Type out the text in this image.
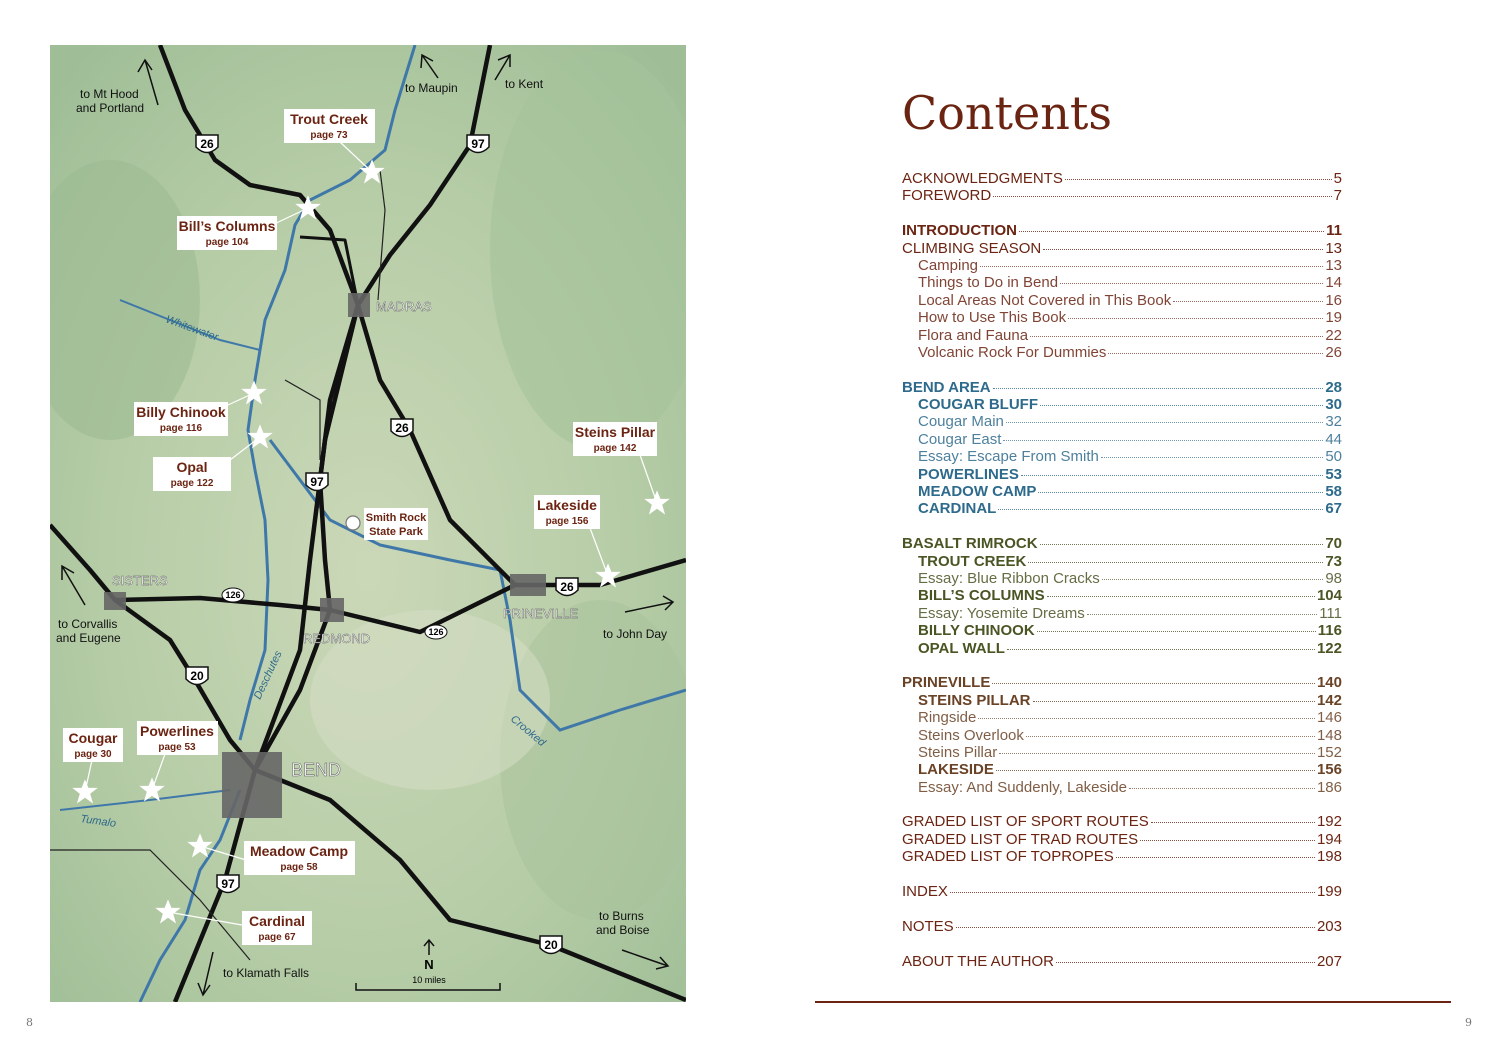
MADRAS
SISTERS
REDMOND
PRINEVILLE
BEND
Whitewater
Deschutes
Crooked
Tumalo
26	97
26
97
26
126
126
20
97
20
Trout Creek
page 73
Bill’s Columns
page 104
Billy Chinook
page 116
Opal
page 122
Steins Pillar
page 142
Lakeside
page 156
Cougar
page 30
Powerlines
page 53
Meadow Camp
page 58
Cardinal
page 67
Smith Rock
State Park
to Mt Hood
and Portland
to Maupin	to Kent
to Corvallis
and Eugene	to John Day
to Burns
and Boise
to Klamath Falls
N
10 miles
8	9
Contents
ACKNOWLEDGMENTS	5
FOREWORD	7
INTRODUCTION	11
CLIMBING SEASON	13
Camping	13
Things to Do in Bend	14
Local Areas Not Covered in This Book	16
How to Use This Book	19
Flora and Fauna	22
Volcanic Rock For Dummies	26
BEND AREA	28
COUGAR BLUFF	30
Cougar Main	32
Cougar East	44
Essay: Escape From Smith	50
POWERLINES	53
MEADOW CAMP	58
CARDINAL	67
BASALT RIMROCK	70
TROUT CREEK	73
Essay: Blue Ribbon Cracks	98
BILL’S COLUMNS	104
Essay: Yosemite Dreams	111
BILLY CHINOOK	116
OPAL WALL	122
PRINEVILLE	140
STEINS PILLAR	142
Ringside	146
Steins Overlook	148
Steins Pillar	152
LAKESIDE	156
Essay: And Suddenly, Lakeside	186
GRADED LIST OF SPORT ROUTES	192
GRADED LIST OF TRAD ROUTES	194
GRADED LIST OF TOPROPES	198
INDEX	199
NOTES	203
ABOUT THE AUTHOR	207
